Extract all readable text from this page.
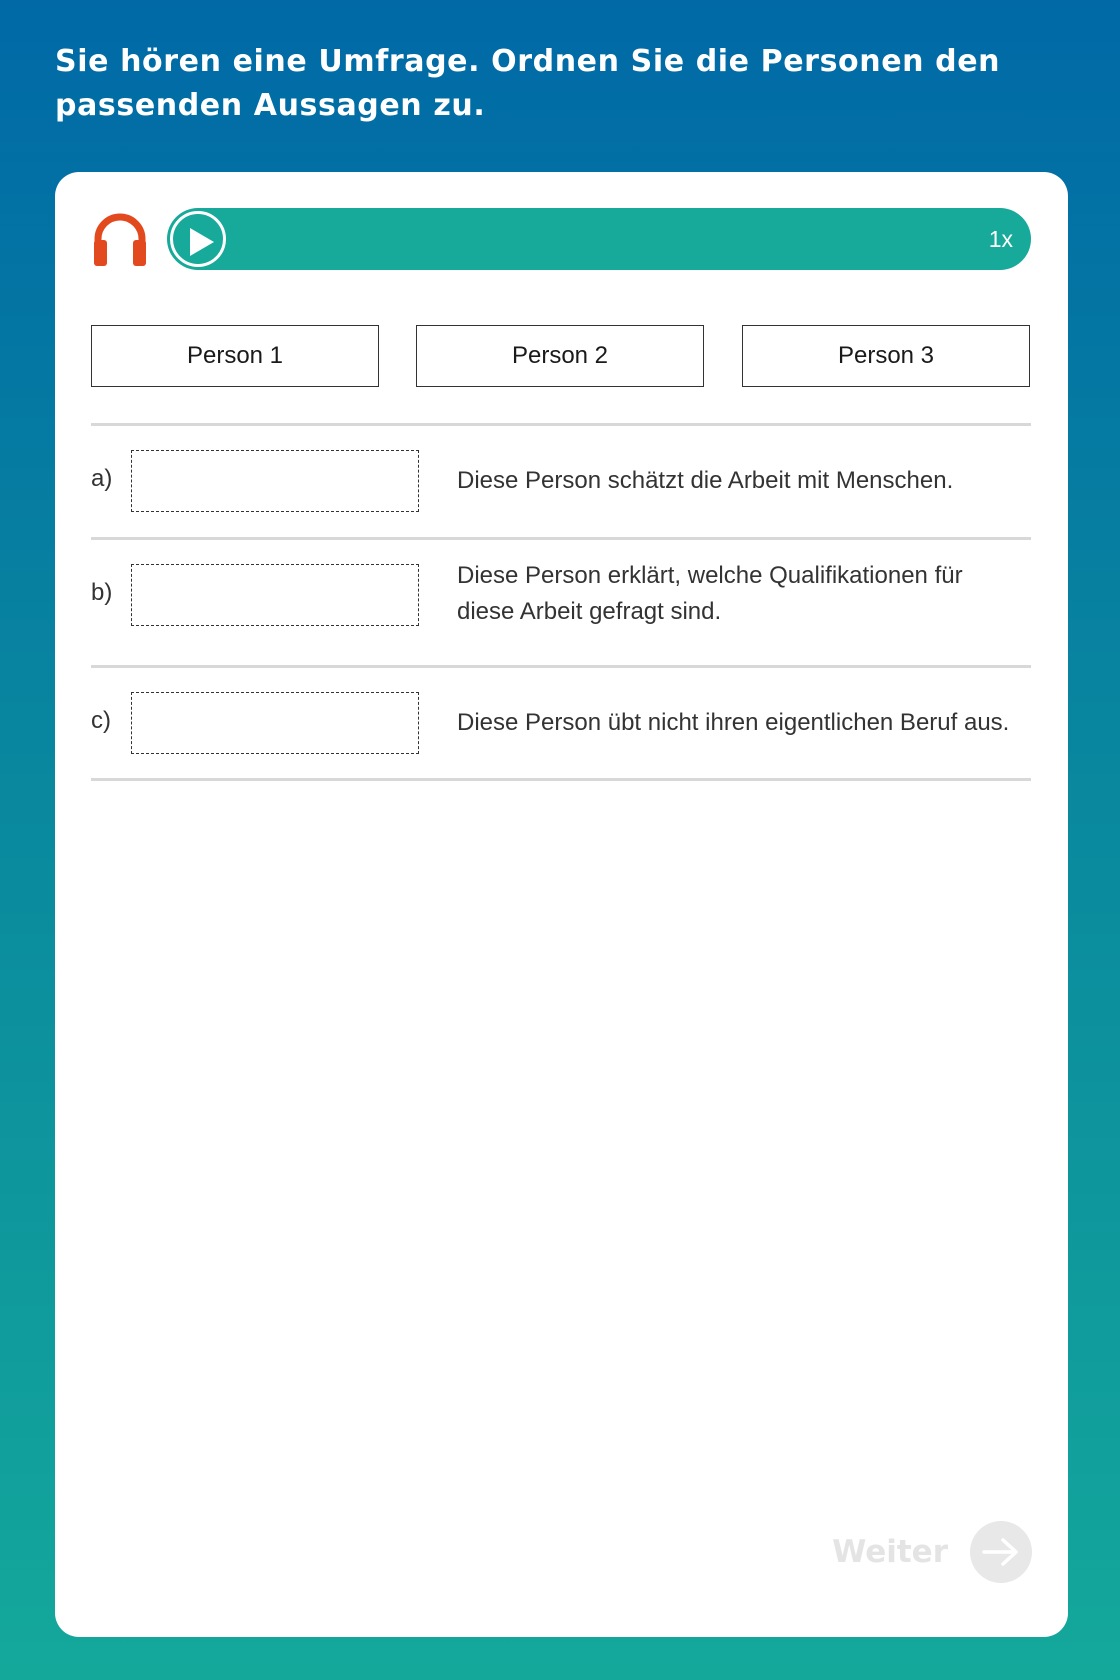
Sie hören eine Umfrage. Ordnen Sie die Personen den passenden Aussagen zu.
1x
Person 1	Person 2	Person 3
a)	Diese Person schätzt die Arbeit mit Menschen.
b)
Diese Person erklärt, welche Qualifikationen für diese Arbeit gefragt sind.
c)	Diese Person übt nicht ihren eigentlichen Beruf aus.
Weiter
